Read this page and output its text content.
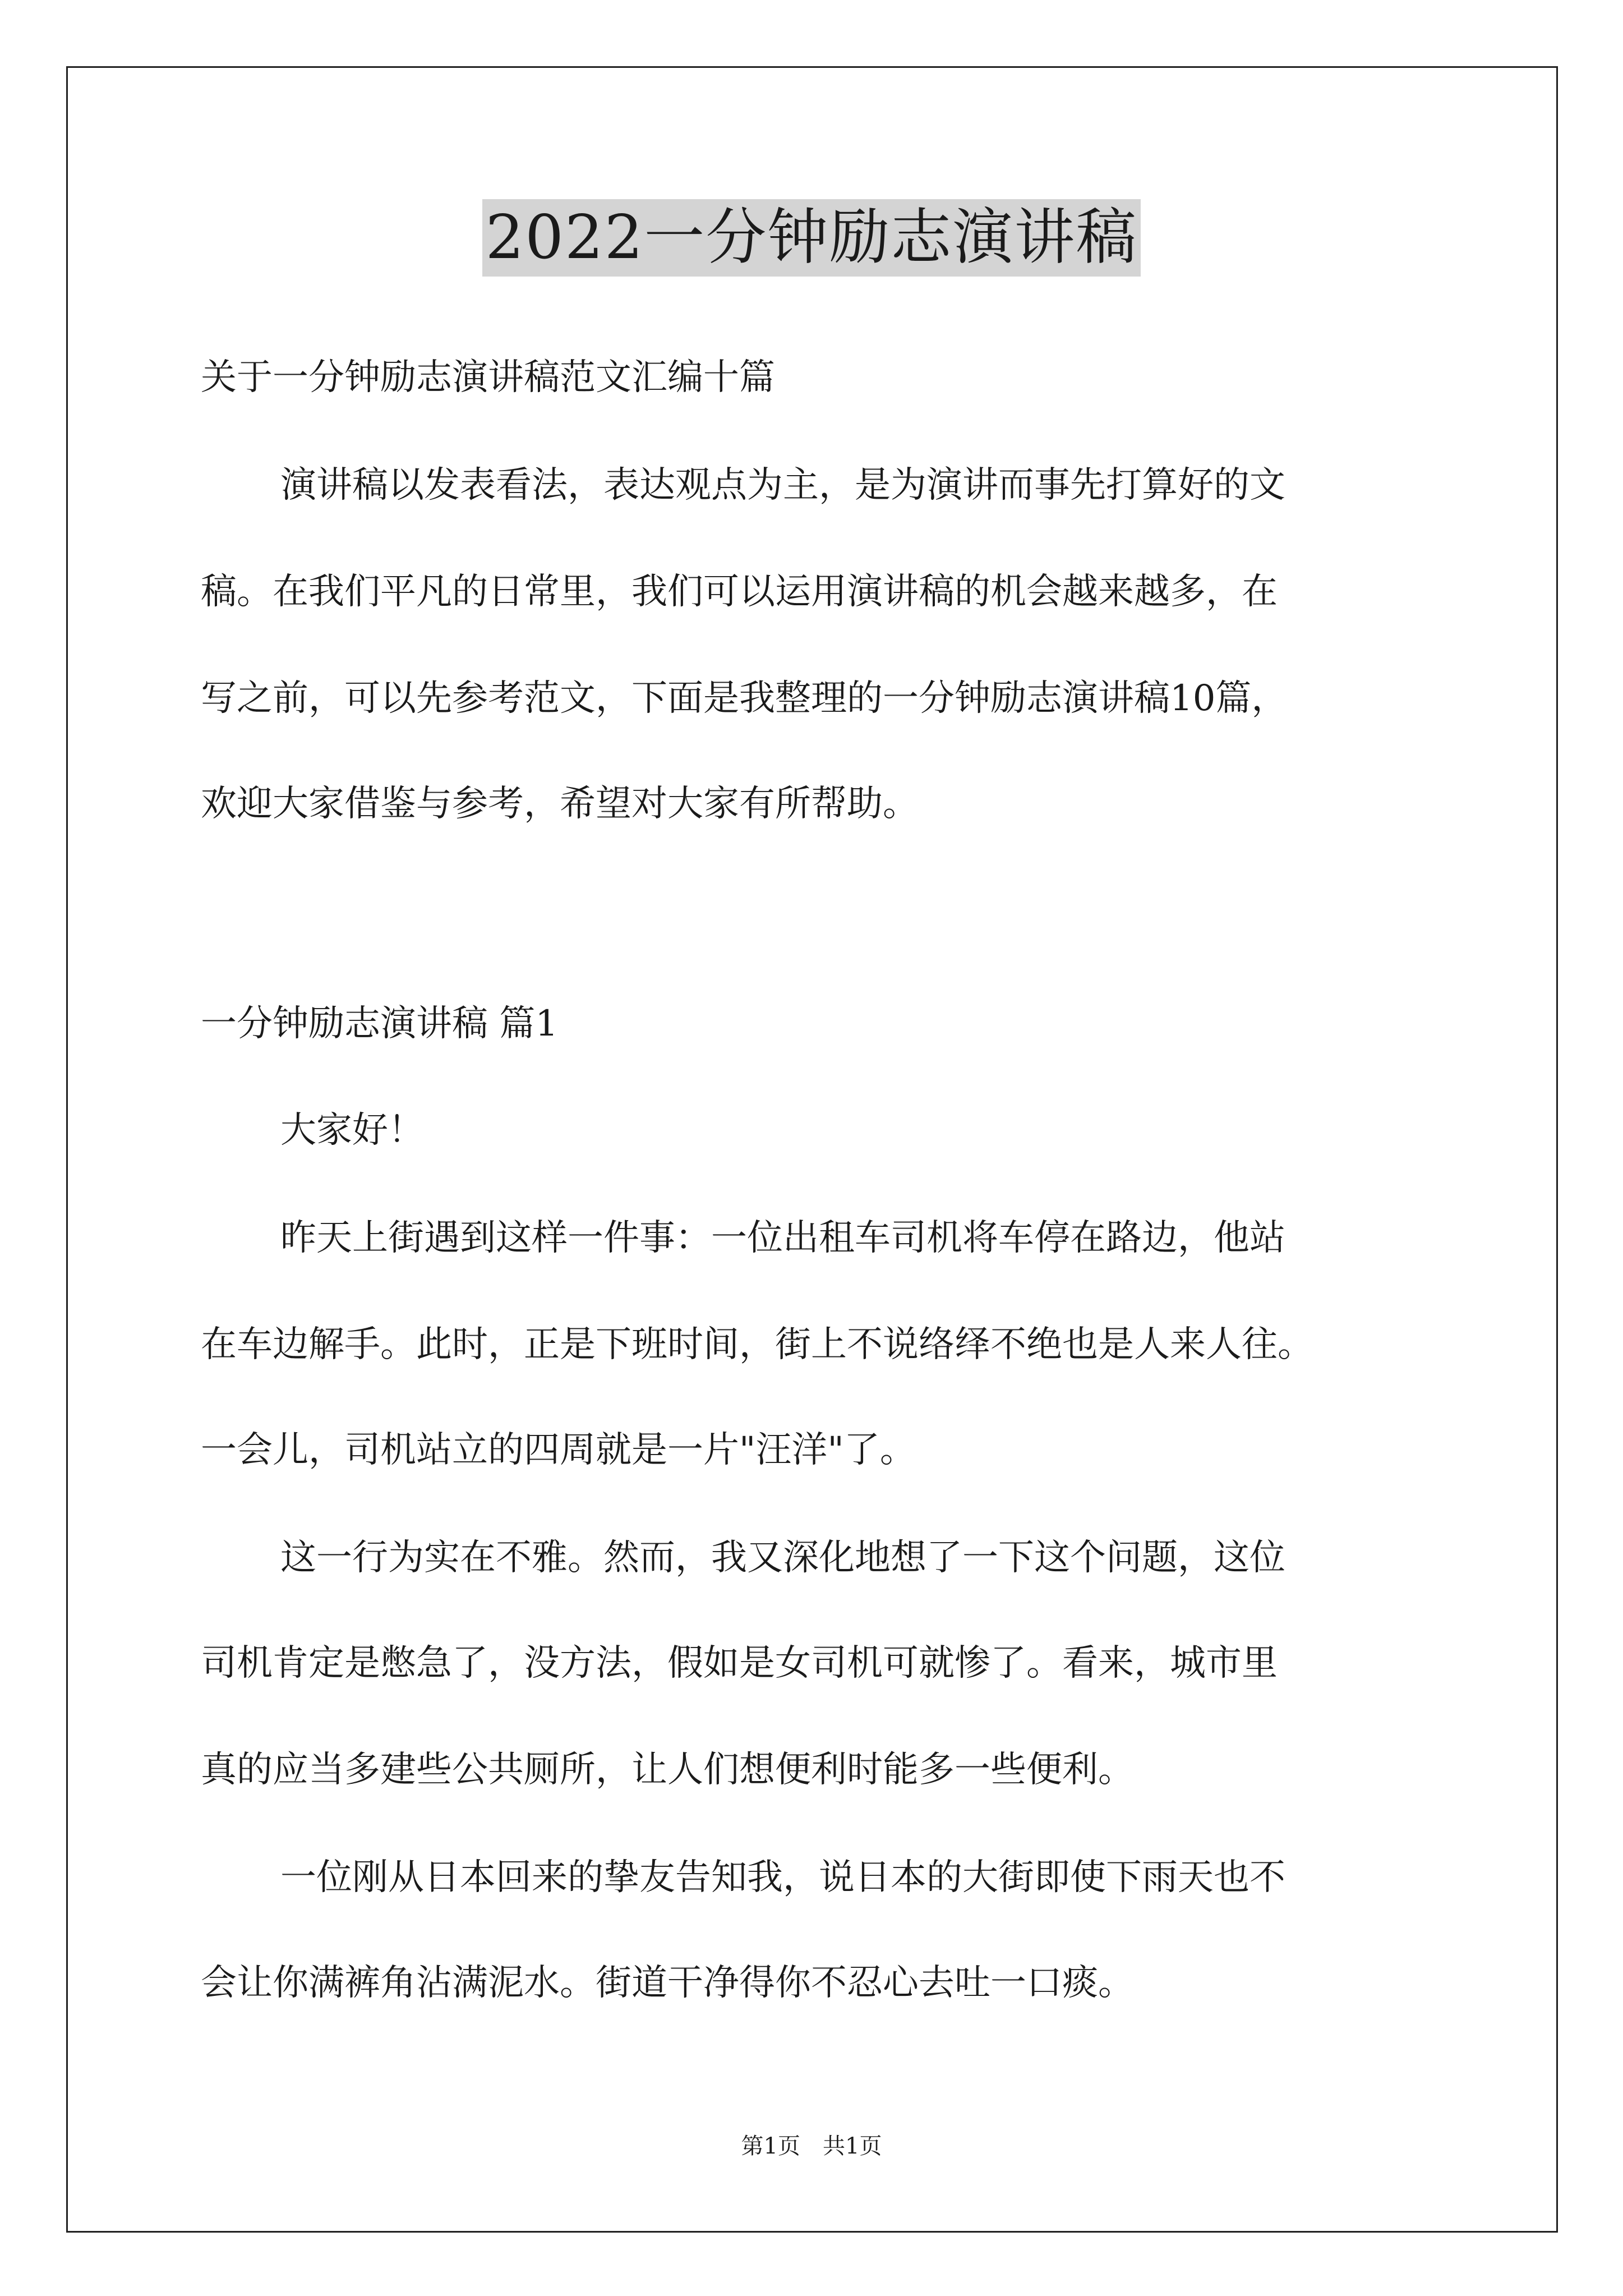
2022一分钟励志演讲稿
关于一分钟励志演讲稿范文汇编十篇
演讲稿以发表看法，表达观点为主，是为演讲而事先打算好的文
稿。在我们平凡的日常里，我们可以运用演讲稿的机会越来越多，在
写之前，可以先参考范文，下面是我整理的一分钟励志演讲稿10篇，
欢迎大家借鉴与参考，希望对大家有所帮助。
一分钟励志演讲稿 篇1
大家好！
昨天上街遇到这样一件事：一位出租车司机将车停在路边，他站
在车边解手。此时，正是下班时间，街上不说络绎不绝也是人来人往。
一会儿，司机站立的四周就是一片"汪洋"了。
这一行为实在不雅。然而，我又深化地想了一下这个问题，这位
司机肯定是憋急了，没方法，假如是女司机可就惨了。看来，城市里
真的应当多建些公共厕所，让人们想便利时能多一些便利。
一位刚从日本回来的挚友告知我，说日本的大街即使下雨天也不
会让你满裤角沾满泥水。街道干净得你不忍心去吐一口痰。
第1页　共1页
